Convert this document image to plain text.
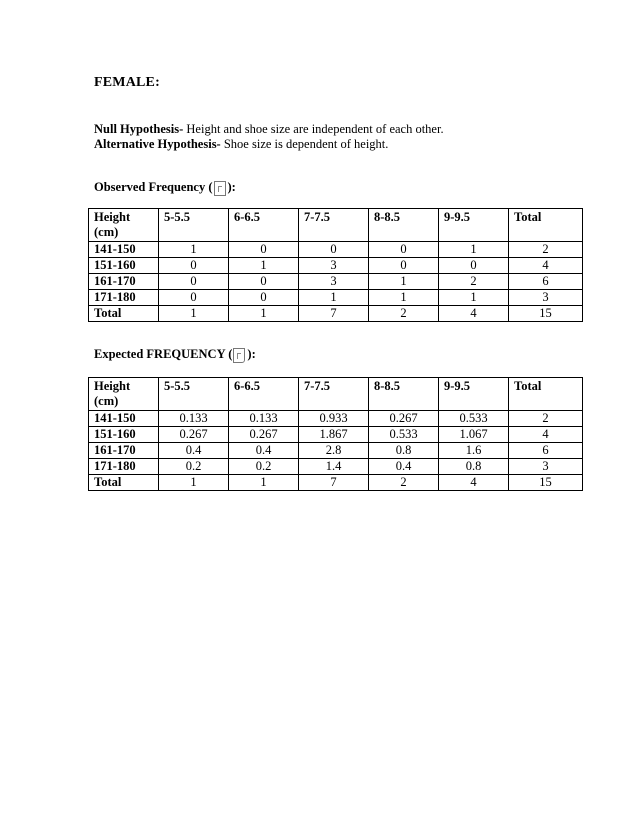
FEMALE:
Null Hypothesis- Height and shoe size are independent of each other.
Alternative Hypothesis- Shoe size is dependent of height.
Observed Frequency ( ):
Height (cm)	5-5.5	6-6.5	7-7.5	8-8.5	9-9.5	Total
141-150	1	0	0	0	1	2
151-160	0	1	3	0	0	4
161-170	0	0	3	1	2	6
171-180	0	0	1	1	1	3
Total	1	1	7	2	4	15
Expected FREQUENCY ( ):
Height (cm)	5-5.5	6-6.5	7-7.5	8-8.5	9-9.5	Total
141-150	0.133	0.133	0.933	0.267	0.533	2
151-160	0.267	0.267	1.867	0.533	1.067	4
161-170	0.4	0.4	2.8	0.8	1.6	6
171-180	0.2	0.2	1.4	0.4	0.8	3
Total	1	1	7	2	4	15
